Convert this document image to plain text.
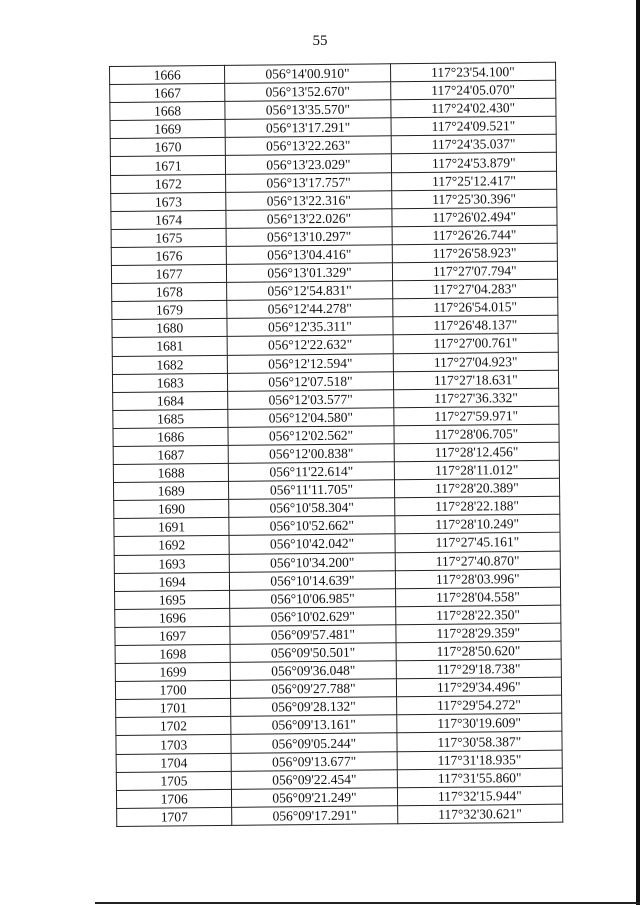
55
1666	056°14'00.910"	117°23'54.100"
1667	056°13'52.670"	117°24'05.070"
1668	056°13'35.570"	117°24'02.430"
1669	056°13'17.291"	117°24'09.521"
1670	056°13'22.263"	117°24'35.037"
1671	056°13'23.029"	117°24'53.879"
1672	056°13'17.757"	117°25'12.417"
1673	056°13'22.316"	117°25'30.396"
1674	056°13'22.026"	117°26'02.494"
1675	056°13'10.297"	117°26'26.744"
1676	056°13'04.416"	117°26'58.923"
1677	056°13'01.329"	117°27'07.794"
1678	056°12'54.831"	117°27'04.283"
1679	056°12'44.278"	117°26'54.015"
1680	056°12'35.311"	117°26'48.137"
1681	056°12'22.632"	117°27'00.761"
1682	056°12'12.594"	117°27'04.923"
1683	056°12'07.518"	117°27'18.631"
1684	056°12'03.577"	117°27'36.332"
1685	056°12'04.580"	117°27'59.971"
1686	056°12'02.562"	117°28'06.705"
1687	056°12'00.838"	117°28'12.456"
1688	056°11'22.614"	117°28'11.012"
1689	056°11'11.705"	117°28'20.389"
1690	056°10'58.304"	117°28'22.188"
1691	056°10'52.662"	117°28'10.249"
1692	056°10'42.042"	117°27'45.161"
1693	056°10'34.200"	117°27'40.870"
1694	056°10'14.639"	117°28'03.996"
1695	056°10'06.985"	117°28'04.558"
1696	056°10'02.629"	117°28'22.350"
1697	056°09'57.481"	117°28'29.359"
1698	056°09'50.501"	117°28'50.620"
1699	056°09'36.048"	117°29'18.738"
1700	056°09'27.788"	117°29'34.496"
1701	056°09'28.132"	117°29'54.272"
1702	056°09'13.161"	117°30'19.609"
1703	056°09'05.244"	117°30'58.387"
1704	056°09'13.677"	117°31'18.935"
1705	056°09'22.454"	117°31'55.860"
1706	056°09'21.249"	117°32'15.944"
1707	056°09'17.291"	117°32'30.621"
